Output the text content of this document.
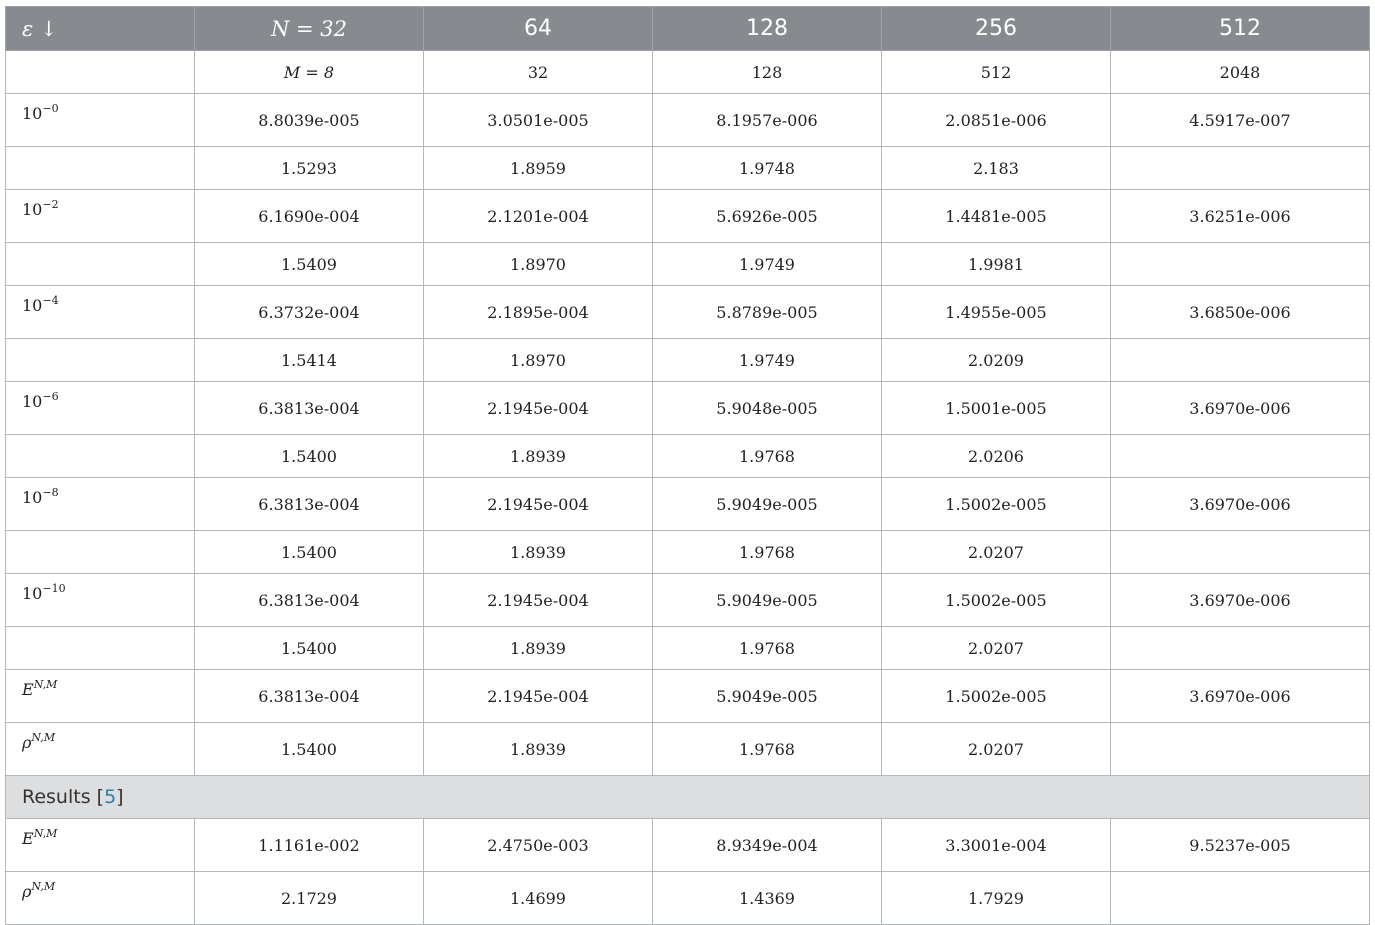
ε ↓	N = 32	64	128	256	512
	M = 8	32	128	512	2048
$10^{-0}$	8.8039e-005	3.0501e-005	8.1957e-006	2.0851e-006	4.5917e-007
	1.5293	1.8959	1.9748	2.183	
$10^{-2}$	6.1690e-004	2.1201e-004	5.6926e-005	1.4481e-005	3.6251e-006
	1.5409	1.8970	1.9749	1.9981	
$10^{-4}$	6.3732e-004	2.1895e-004	5.8789e-005	1.4955e-005	3.6850e-006
	1.5414	1.8970	1.9749	2.0209	
$10^{-6}$	6.3813e-004	2.1945e-004	5.9048e-005	1.5001e-005	3.6970e-006
	1.5400	1.8939	1.9768	2.0206	
$10^{-8}$	6.3813e-004	2.1945e-004	5.9049e-005	1.5002e-005	3.6970e-006
	1.5400	1.8939	1.9768	2.0207	
$10^{-10}$	6.3813e-004	2.1945e-004	5.9049e-005	1.5002e-005	3.6970e-006
	1.5400	1.8939	1.9768	2.0207	
$E^{N,M}$	6.3813e-004	2.1945e-004	5.9049e-005	1.5002e-005	3.6970e-006
$\rho^{N,M}$	1.5400	1.8939	1.9768	2.0207	
Results [5]					
$E^{N,M}$	1.1161e-002	2.4750e-003	8.9349e-004	3.3001e-004	9.5237e-005
$\rho^{N,M}$	2.1729	1.4699	1.4369	1.7929	
